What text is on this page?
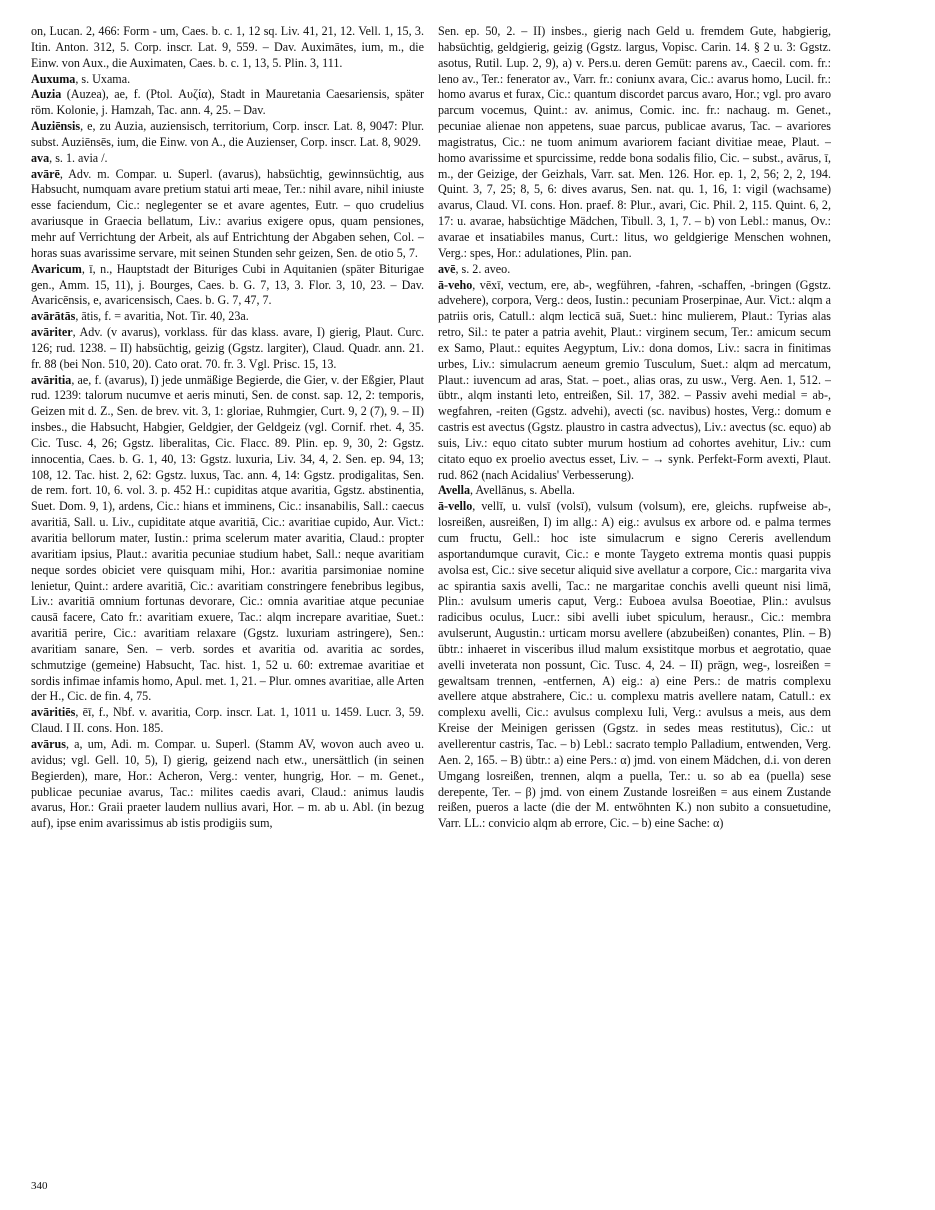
on, Lucan. 2, 466: Form - um, Caes. b. c. 1, 12 sq. Liv. 41, 21, 12. Vell. 1, 15, 3. Itin. Anton. 312, 5. Corp. inscr. Lat. 9, 559. – Dav. Auximātes, ium, m., die Einw. von Aux., die Auximaten, Caes. b. c. 1, 13, 5. Plin. 3, 111.

Auxuma, s. Uxama.

Auzia (Auzea), ae, f. (Ptol. Αυζία), Stadt in Mauretania Caesariensis, später röm. Kolonie, j. Hamzah, Tac. ann. 4, 25. – Dav.

Auziēnsis, e, zu Auzia, auziensisch, territorium, Corp. inscr. Lat. 8, 9047: Plur. subst. Auziēnsēs, ium, die Einw. von A., die Auzienser, Corp. inscr. Lat. 8, 9029.

ava, s. 1. avia /.

avārē, Adv. m. Compar. u. Superl. (avarus), habsüchtig, gewinnsüchtig, aus Habsucht, numquam avare pretium statui arti meae, Ter.: nihil avare, nihil iniuste esse faciendum, Cic.: neglegenter se et avare agentes, Eutr. – quo crudelius avariusque in Graecia bellatum, Liv.: avarius exigere opus, quam pensiones, mehr auf Verrichtung der Arbeit, als auf Entrichtung der Abgaben sehen, Col. – horas suas avarissime servare, mit seinen Stunden sehr geizen, Sen. de otio 5, 7.

Avaricum, ī, n., Hauptstadt der Bituriges Cubi in Aquitanien (später Biturigae gen., Amm. 15, 11), j. Bourges, Caes. b. G. 7, 13, 3. Flor. 3, 10, 23. – Dav. Avaricēnsis, e, avaricensisch, Caes. b. G. 7, 47, 7.

avārātās, ātis, f. = avaritia, Not. Tir. 40, 23a.

avāriter, Adv. (v avarus), vorklass. für das klass. avare, I) gierig, Plaut. Curc. 126; rud. 1238. – II) habsüchtig, geizig (Ggstz. largiter), Claud. Quadr. ann. 21. fr. 88 (bei Non. 510, 20). Cato orat. 70. fr. 3. Vgl. Prisc. 15, 13.

avāritia, ae, f. (avarus), I) jede unmäßige Begierde, die Gier, v. der Eßgier, Plaut rud. 1239: talorum nucumve et aeris minuti, Sen. de const. sap. 12, 2: temporis, Geizen mit d. Z., Sen. de brev. vit. 3, 1: gloriae, Ruhmgier, Curt. 9, 2 (7), 9. – II) insbes., die Habsucht, Habgier, Geldgier, der Geldgeiz (vgl. Cornif. rhet. 4, 35. Cic. Tusc. 4, 26; Ggstz. liberalitas, Cic. Flacc. 89. Plin. ep. 9, 30, 2: Ggstz. innocentia, Caes. b. G. 1, 40, 13: Ggstz. luxuria, Liv. 34, 4, 2. Sen. ep. 94, 13; 108, 12. Tac. hist. 2, 62: Ggstz. luxus, Tac. ann. 4, 14: Ggstz. prodigalitas, Sen. de rem. fort. 10, 6. vol. 3. p. 452 H.: cupiditas atque avaritia, Ggstz. abstinentia, Suet. Dom. 9, 1), ardens, Cic.: hians et imminens, Cic.: insanabilis, Sall.: caecus avaritiā, Sall. u. Liv., cupiditate atque avaritiā, Cic.: avaritiae cupido, Aur. Vict.: avaritia bellorum mater, Iustin.: prima scelerum mater avaritia, Claud.: propter avaritiam ipsius, Plaut.: avaritia pecuniae studium habet, Sall.: neque avaritiam neque sordes obiciet vere quisquam mihi, Hor.: avaritia parsimoniae nomine lenietur, Quint.: ardere avaritiā, Cic.: avaritiam constringere fenebribus legibus, Liv.: avaritiā omnium fortunas devorare, Cic.: omnia avaritiae atque pecuniae causā facere, Cato fr.: avaritiam exuere, Tac.: alqm increpare avaritiae, Suet.: avaritiā perire, Cic.: avaritiam relaxare (Ggstz. luxuriam astringere), Sen.: avaritiam sanare, Sen. – verb. sordes et avaritia od. avaritia ac sordes, schmutzige (gemeine) Habsucht, Tac. hist. 1, 52 u. 60: extremae avaritiae et sordis infimae infamis homo, Apul. met. 1, 21. – Plur. omnes avaritiae, alle Arten der H., Cic. de fin. 4, 75.

avāritiēs, ēī, f., Nbf. v. avaritia, Corp. inscr. Lat. 1, 1011 u. 1459. Lucr. 3, 59. Claud. I II. cons. Hon. 185.

avārus, a, um, Adi. m. Compar. u. Superl. (Stamm AV, wovon auch aveo u. avidus; vgl. Gell. 10, 5), I) gierig, geizend nach etw., unersättlich (in seinen Begierden), mare, Hor.: Acheron, Verg.: venter, hungrig, Hor. – m. Genet., publicae pecuniae avarus, Tac.: milites caedis avari, Claud.: animus laudis avarus, Hor.: Graii praeter laudem nullius avari, Hor. – m. ab u. Abl. (in bezug auf), ipse enim avarissimus ab istis prodigiis sum,

Sen. ep. 50, 2. – II) insbes., gierig nach Geld u. fremdem Gute, habgierig, habsüchtig, geldgierig, geizig (Ggstz. largus, Vopisc. Carin. 14. § 2 u. 3: Ggstz. asotus, Rutil. Lup. 2, 9), a) v. Pers.u. deren Gemüt: parens av., Caecil. com. fr.: leno av., Ter.: fenerator av., Varr. fr.: coniunx avara, Cic.: avarus homo, Lucil. fr.: homo avarus et furax, Cic.: quantum discordet parcus avaro, Hor.; vgl. pro avaro parcum vocemus, Quint.: av. animus, Comic. inc. fr.: nachaug. m. Genet., pecuniae alienae non appetens, suae parcus, publicae avarus, Tac. – avariores magistratus, Cic.: ne tuom animum avariorem faciant divitiae meae, Plaut. – homo avarissime et spurcissime, redde bona sodalis filio, Cic. – subst., avārus, ī, m., der Geizige, der Geizhals, Varr. sat. Men. 126. Hor. ep. 1, 2, 56; 2, 2, 194. Quint. 3, 7, 25; 8, 5, 6: dives avarus, Sen. nat. qu. 1, 16, 1: vigil (wachsame) avarus, Claud. VI. cons. Hon. praef. 8: Plur., avari, Cic. Phil. 2, 115. Quint. 6, 2, 17: u. avarae, habsüchtige Mädchen, Tibull. 3, 1, 7. – b) von Lebl.: manus, Ov.: avarae et insatiabiles manus, Curt.: litus, wo geldgierige Menschen wohnen, Verg.: spes, Hor.: adulationes, Plin. pan.

avē, s. 2. aveo.

ā-veho, vēxī, vectum, ere, ab-, wegführen, -fahren, -schaffen, -bringen (Ggstz. advehere), corpora, Verg.: deos, Iustin.: pecuniam Proserpinae, Aur. Vict.: alqm a patriis oris, Catull.: alqm lecticā suā, Suet.: hinc mulierem, Plaut.: Tyrias alas retro, Sil.: te pater a patria avehit, Plaut.: virginem secum, Ter.: amicum secum ex Samo, Plaut.: equites Aegyptum, Liv.: dona domos, Liv.: sacra in finitimas urbes, Liv.: simulacrum aeneum gremio Tusculum, Suet.: alqm ad mercatum, Plaut.: iuvencum ad aras, Stat. – poet., alias oras, zu usw., Verg. Aen. 1, 512. – übtr., alqm instanti leto, entreißen, Sil. 17, 382. – Passiv avehi medial = ab-, wegfahren, -reiten (Ggstz. advehi), avecti (sc. navibus) hostes, Verg.: domum e castris est avectus (Ggstz. plaustro in castra advectus), Liv.: avectus (sc. equo) ab suis, Liv.: equo citato subter murum hostium ad cohortes avehitur, Liv.: cum citato equo ex proelio avectus esset, Liv. – → synk. Perfekt-Form avexti, Plaut. rud. 862 (nach Acidalius' Verbesserung).

Avella, Avellānus, s. Abella.

ā-vello, vellī, u. vulsī (volsī), vulsum (volsum), ere, gleichs. rupfweise ab-, losreißen, ausreißen, I) im allg.: A) eig.: avulsus ex arbore od. e palma termes cum fructu, Gell.: hoc iste simulacrum e signo Cereris avellendum asportandumque curavit, Cic.: e monte Taygeto extrema montis quasi puppis avolsa est, Cic.: sive secetur aliquid sive avellatur a corpore, Cic.: margarita viva ac spirantia saxis avelli, Tac.: ne margaritae conchis avelli queunt nisi limā, Plin.: avulsum umeris caput, Verg.: Euboea avulsa Boeotiae, Plin.: avulsus radicibus oculus, Lucr.: sibi avelli iubet spiculum, herausr., Cic.: membra avulserunt, Augustin.: urticam morsu avellere (abzubeißen) conantes, Plin. – B) übtr.: inhaeret in visceribus illud malum exsistitque morbus et aegrotatio, quae avelli inveterata non possunt, Cic. Tusc. 4, 24. – II) prägn, weg-, losreißen = gewaltsam trennen, -entfernen, A) eig.: a) eine Pers.: de matris complexu avellere atque abstrahere, Cic.: u. complexu matris avellere natam, Catull.: ex complexu avelli, Cic.: avulsus complexu Iuli, Verg.: avulsus a meis, aus dem Kreise der Meinigen gerissen (Ggstz. in sedes meas restitutus), Cic.: ut avellerentur castris, Tac. – b) Lebl.: sacrato templo Palladium, entwenden, Verg. Aen. 2, 165. – B) übtr.: a) eine Pers.: α) jmd. von einem Mädchen, d.i. von deren Umgang losreißen, trennen, alqm a puella, Ter.: u. so ab ea (puella) sese derepente, Ter. – β) jmd. von einem Zustande losreißen = aus einem Zustande reißen, pueros a lacte (die der M. entwöhnten K.) non subito a consuetudine, Varr. LL.: convicio alqm ab errore, Cic. – b) eine Sache: α)

340
